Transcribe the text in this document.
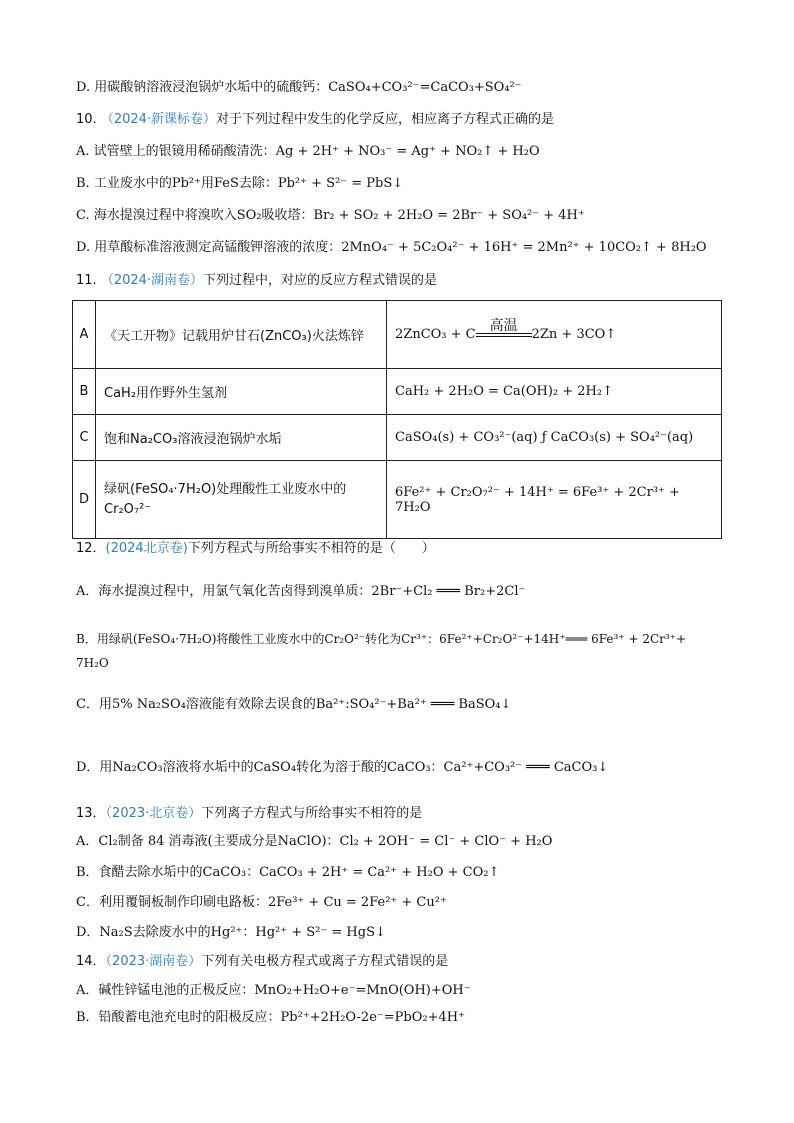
D. 用碳酸钠溶液浸泡锅炉水垢中的硫酸钙：CaSO₄+CO₃²⁻=CaCO₃+SO₄²⁻
10. （2024·新课标卷）对于下列过程中发生的化学反应，相应离子方程式正确的是
A. 试管壁上的银镜用稀硝酸清洗：Ag + 2H⁺ + NO₃⁻ = Ag⁺ + NO₂↑ + H₂O
B. 工业废水中的Pb²⁺用FeS去除：Pb²⁺ + S²⁻ = PbS↓
C. 海水提溴过程中将溴吹入SO₂吸收塔：Br₂ + SO₂ + 2H₂O = 2Br⁻ + SO₄²⁻ + 4H⁺
D. 用草酸标准溶液测定高锰酸钾溶液的浓度：2MnO₄⁻ + 5C₂O₄²⁻ + 16H⁺ = 2Mn²⁺ + 10CO₂↑ + 8H₂O
11. （2024·湖南卷）下列过程中，对应的反应方程式错误的是
A	《天工开物》记载用炉甘石(ZnCO₃)火法炼锌	2ZnCO₃ + C
高温
2Zn + 3CO↑
B	CaH₂用作野外生氢剂	CaH₂ + 2H₂O = Ca(OH)₂ + 2H₂↑
C	饱和Na₂CO₃溶液浸泡锅炉水垢	CaSO₄(s) + CO₃²⁻(aq) ƒ CaCO₃(s) + SO₄²⁻(aq)
D	绿矾(FeSO₄·7H₂O)处理酸性工业废水中的Cr₂O₇²⁻	6Fe²⁺ + Cr₂O₇²⁻ + 14H⁺ = 6Fe³⁺ + 2Cr³⁺ + 7H₂O
12．(2024北京卷)下列方程式与所给事实不相符的是（　　）
A．海水提溴过程中，用氯气氧化苦卤得到溴单质：2Br⁻+Cl₂ ═══ Br₂+2Cl⁻
B．用绿矾(FeSO₄·7H₂O)将酸性工业废水中的Cr₂O²⁻转化为Cr³⁺：6Fe²⁺+Cr₂O²⁻+14H⁺═══ 6Fe³⁺ + 2Cr³⁺+
7H₂O
C．用5% Na₂SO₄溶液能有效除去误食的Ba²⁺:SO₄²⁻+Ba²⁺ ═══ BaSO₄↓
D．用Na₂CO₃溶液将水垢中的CaSO₄转化为溶于酸的CaCO₃：Ca²⁺+CO₃²⁻ ═══ CaCO₃↓
13．（2023·北京卷）下列离子方程式与所给事实不相符的是
A．Cl₂制备 84 消毒液(主要成分是NaClO)：Cl₂ + 2OH⁻ = Cl⁻ + ClO⁻ + H₂O
B．食醋去除水垢中的CaCO₃：CaCO₃ + 2H⁺ = Ca²⁺ + H₂O + CO₂↑
C．利用覆铜板制作印刷电路板：2Fe³⁺ + Cu = 2Fe²⁺ + Cu²⁺
D．Na₂S去除废水中的Hg²⁺：Hg²⁺ + S²⁻ = HgS↓
14．（2023·湖南卷）下列有关电极方程式或离子方程式错误的是
A．碱性锌锰电池的正极反应：MnO₂+H₂O+e⁻=MnO(OH)+OH⁻
B．铅酸蓄电池充电时的阳极反应：Pb²⁺+2H₂O-2e⁻=PbO₂+4H⁺
